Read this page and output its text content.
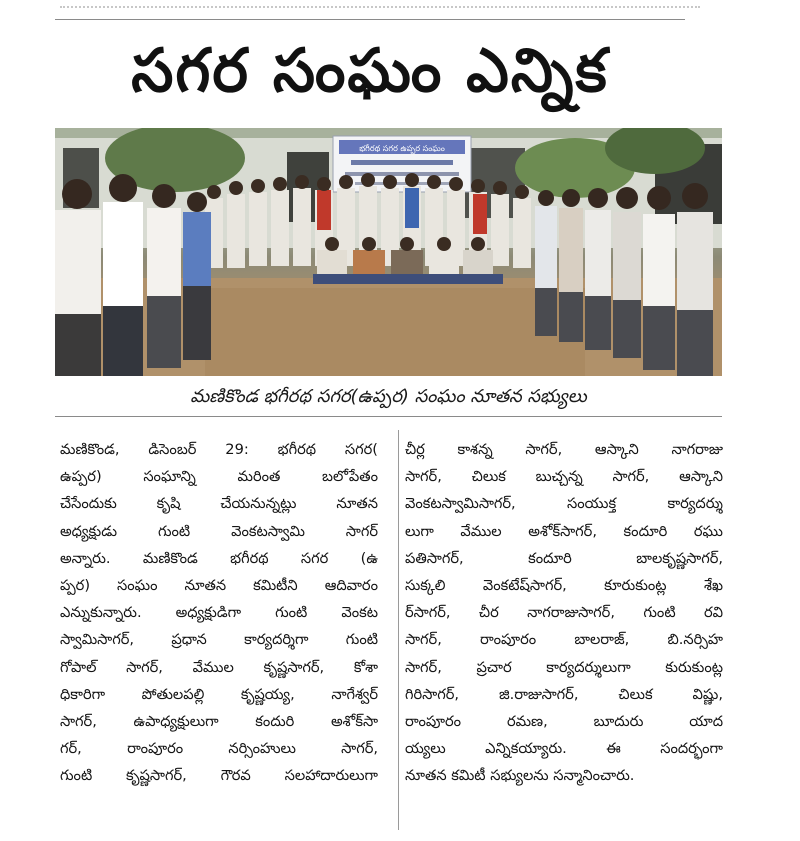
సగర సంఘం ఎన్నిక
భగీరథ సగర ఉప్పర సంఘం
మణికొండ భగీరథ సగర(ఉప్పర) సంఘం నూతన సభ్యులు
మణికొండ, డిసెంబర్ 29: భగీరథ సగర(
ఉప్పర) సంఘాన్ని మరింత బలోపేతం
చేసేందుకు కృషి చేయనున్నట్లు నూతన
అధ్యక్షుడు గుంటి వెంకటస్వామి సాగర్
అన్నారు. మణికొండ భగీరథ సగర (ఉ
ప్పర) సంఘం నూతన కమిటీని ఆదివారం
ఎన్నుకున్నారు. అధ్యక్షుడిగా గుంటి వెంకట
స్వామిసాగర్, ప్రధాన కార్యదర్శిగా గుంటి
గోపాల్ సాగర్, వేముల కృష్ణసాగర్, కోశా
ధికారిగా పోతులపల్లి కృష్ణయ్య, నాగేశ్వర్
సాగర్, ఉపాధ్యక్షులుగా కందురి అశోక్‌సా
గర్, రాంపూరం నర్సింహులు సాగర్,
గుంటి కృష్ణసాగర్, గౌరవ సలహాదారులుగా
చీర్ల కాశన్న సాగర్, ఆస్కాని నాగరాజు
సాగర్, చిలుక బుచ్చన్న సాగర్, ఆస్కాని
వెంకటస్వామిసాగర్, సంయుక్త కార్యదర్శు
లుగా వేముల అశోక్‌సాగర్, కందూరి రఘు
పతిసాగర్, కందూరి బాలకృష్ణసాగర్,
సుక్కలి వెంకటేష్‌సాగర్, కూరుకుంట్ల శేఖ
ర్‌సాగర్, చీర నాగరాజుసాగర్, గుంటి రవి
సాగర్, రాంపూరం బాలరాజ్, బి.నర్సిహ
సాగర్, ప్రచార కార్యదర్శులుగా కురుకుంట్ల
గిరిసాగర్, జి.రాజుసాగర్, చిలుక విష్ణు,
రాంపూరం రమణ, బూదురు యాద
య్యలు ఎన్నికయ్యారు. ఈ సందర్భంగా
నూతన కమిటీ సభ్యులను సన్మానించారు.
